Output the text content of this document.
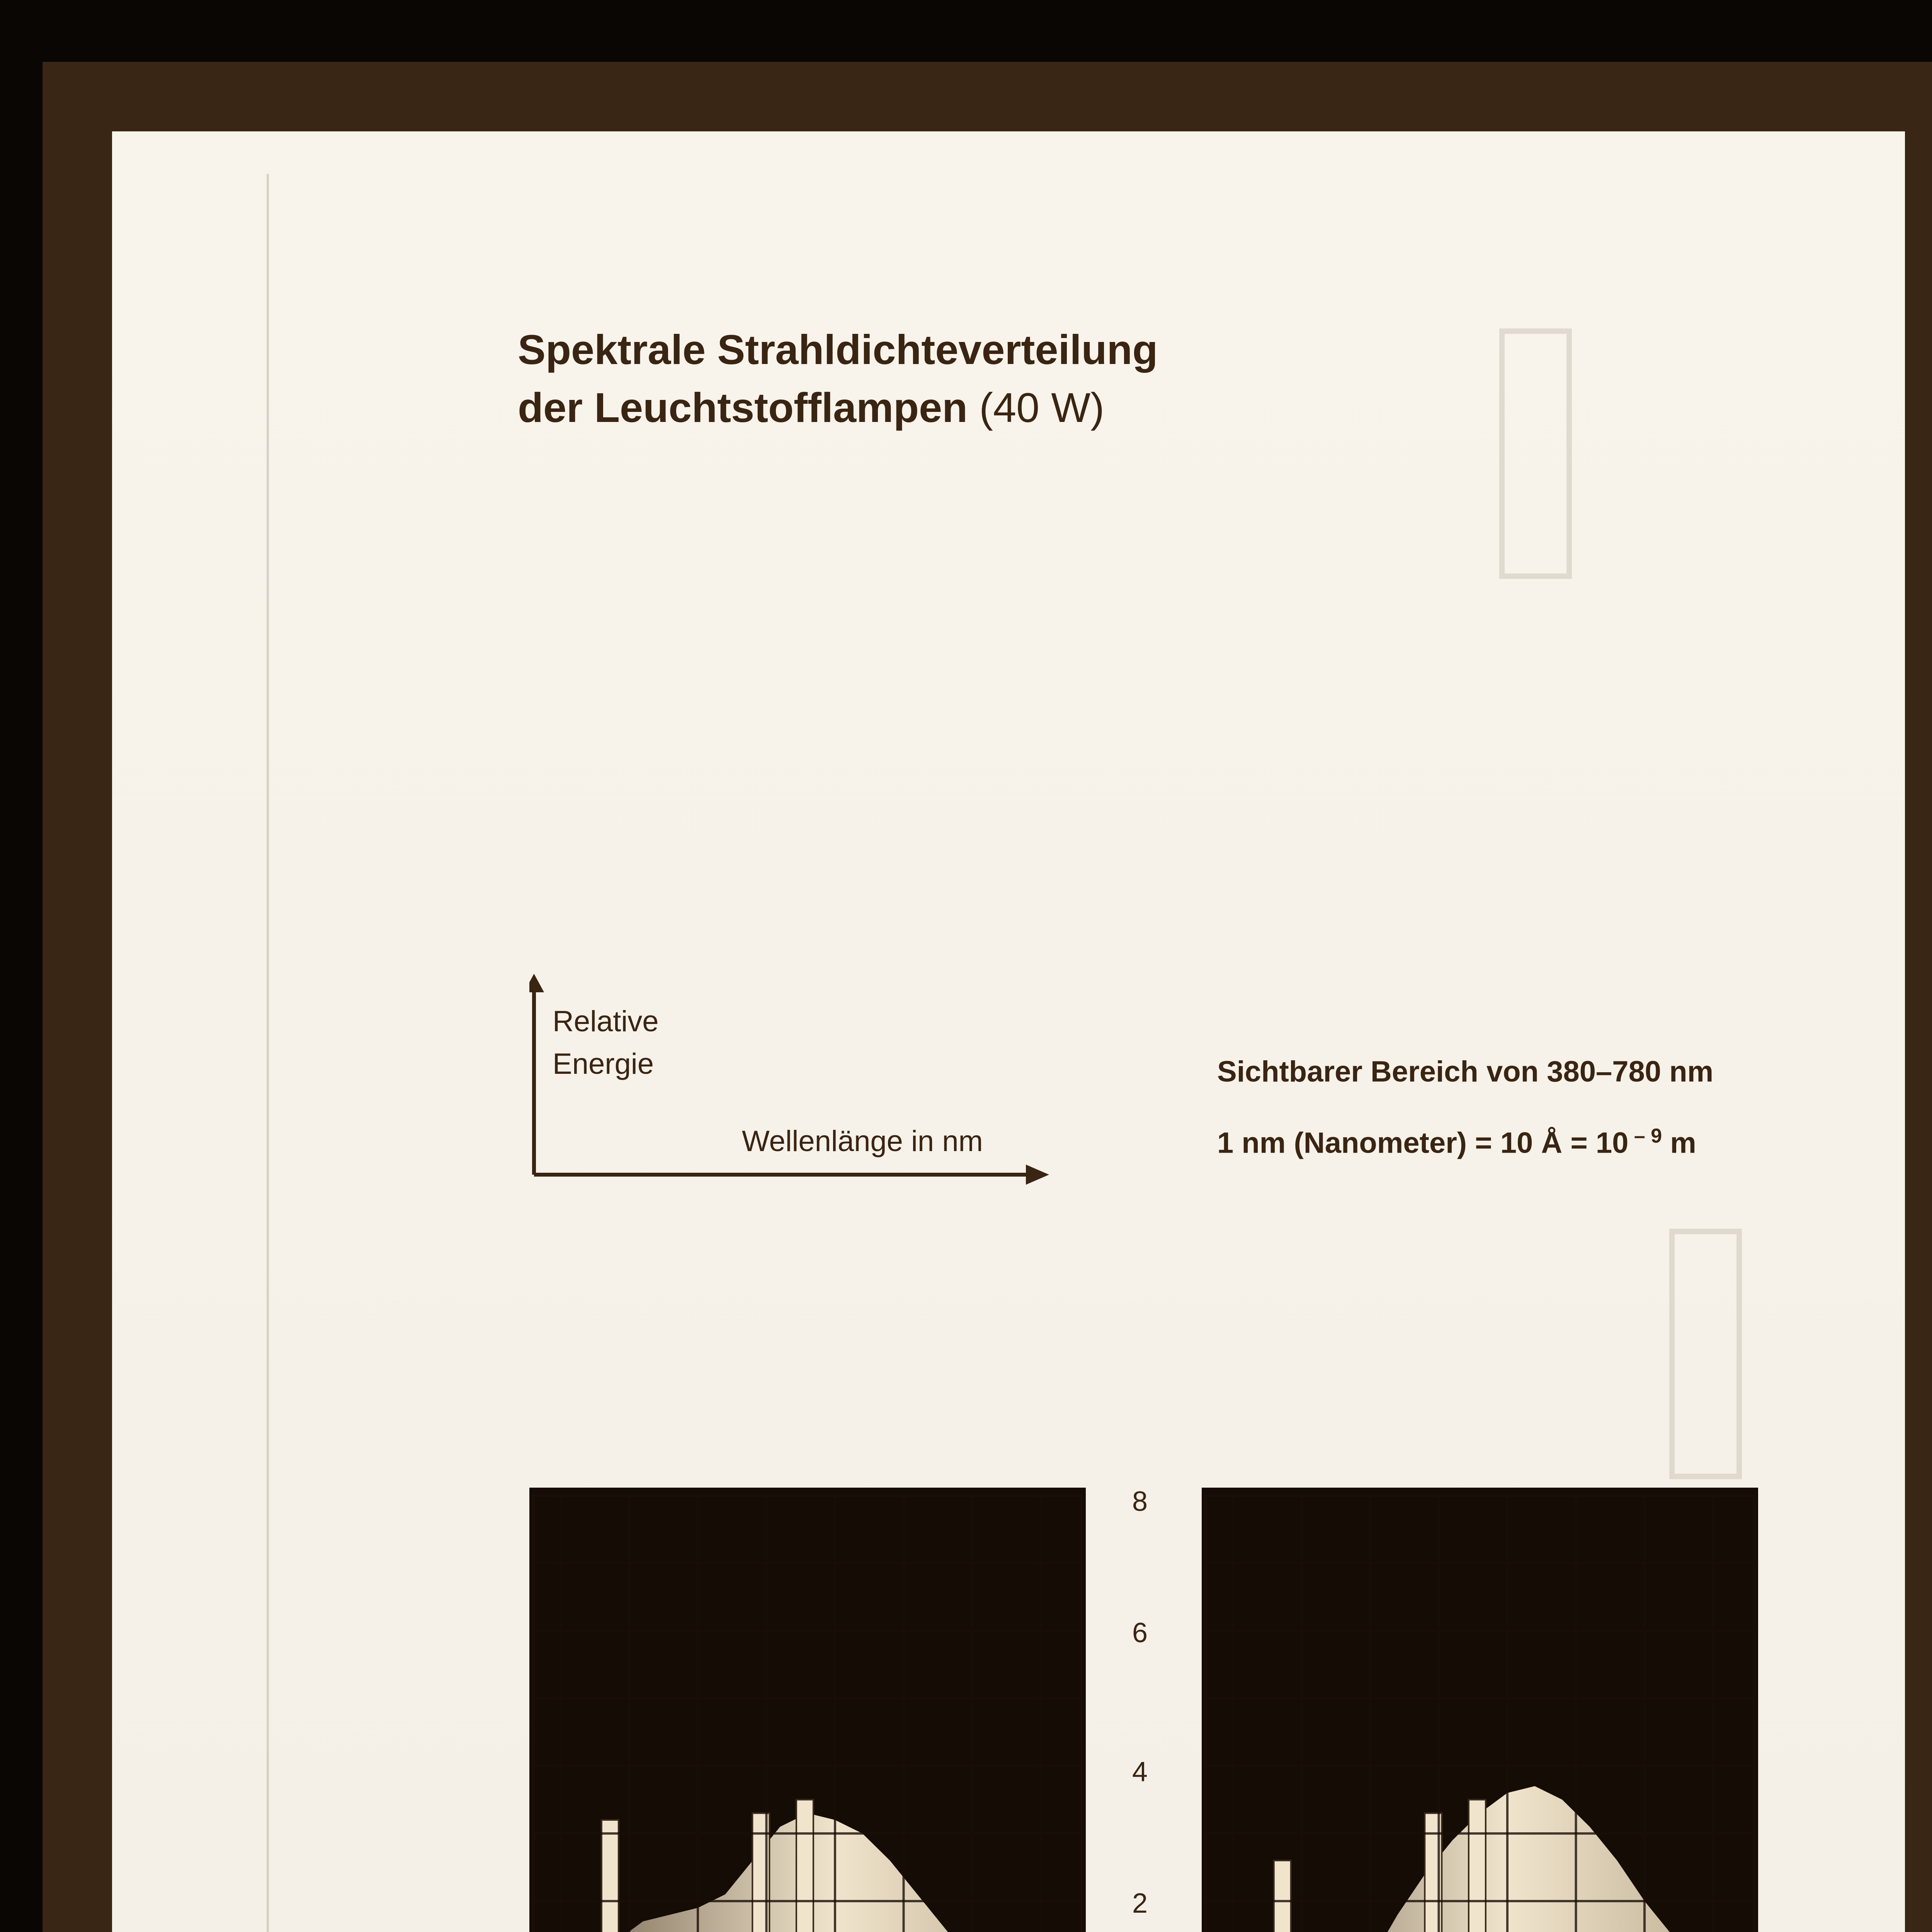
Spektrale Strahldichteverteilung
der Leuchtstofflampen (40 W)
Relative
Energie
Wellenlänge in nm
Sichtbarer Bereich von 380–780 nm
1 nm (Nanometer) = 10 Å = 10 $^{- 9}$ m
8
6
4
2
